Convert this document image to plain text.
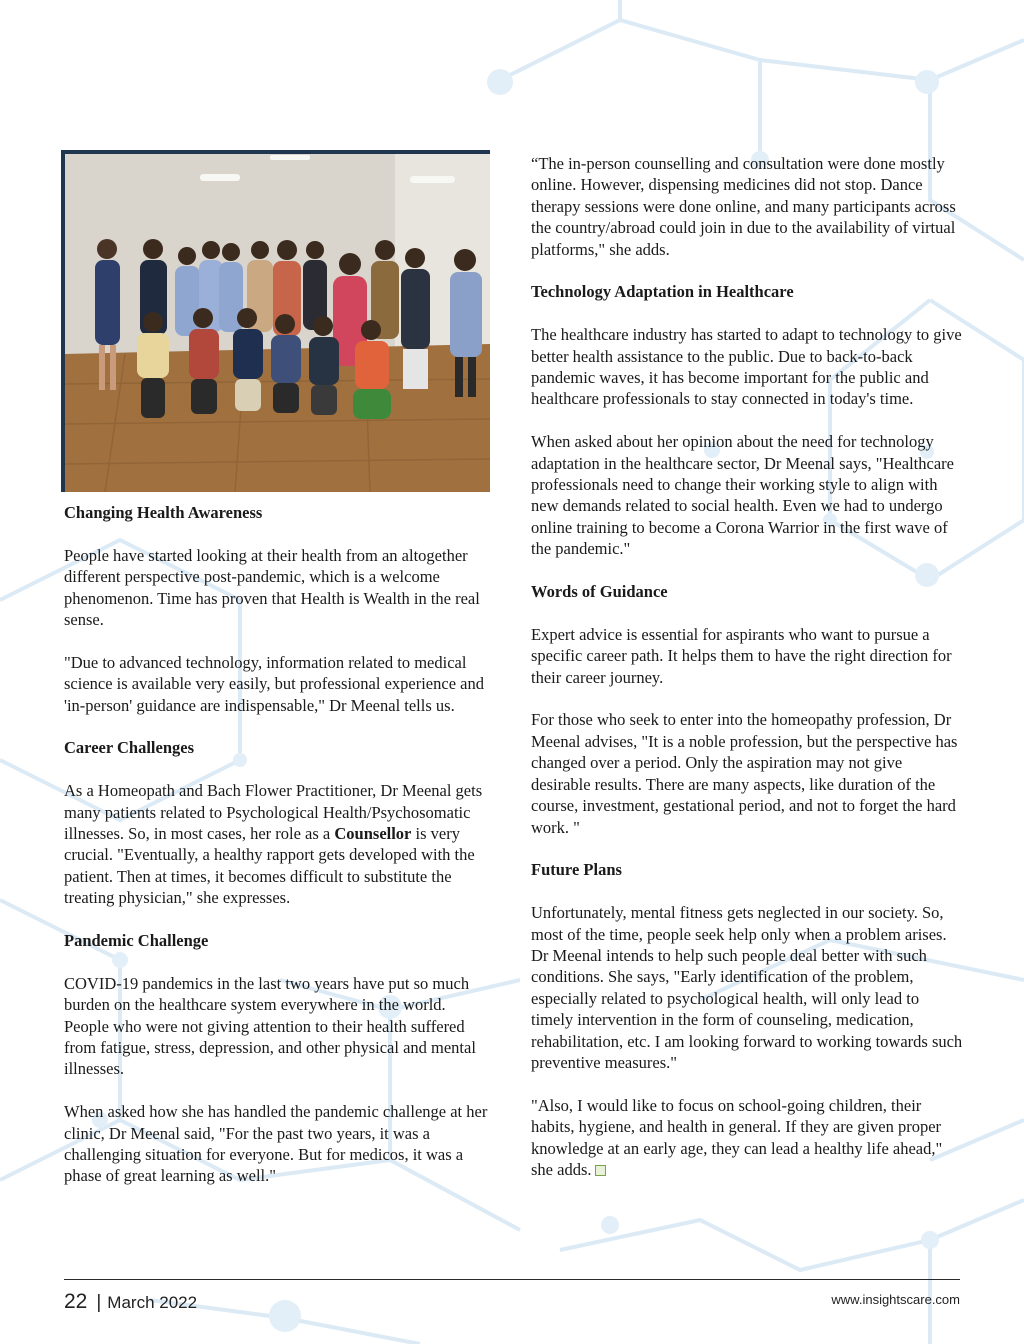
Changing Health Awareness

People have started looking at their health from an altogether different perspective post-pandemic, which is a welcome phenomenon. Time has proven that Health is Wealth in the real sense.

"Due to advanced technology, information related to medical science is available very easily, but professional experience and 'in-person' guidance are indispensable," Dr Meenal tells us.

Career Challenges

As a Homeopath and Bach Flower Practitioner, Dr Meenal gets many patients related to Psychological Health/Psychosomatic illnesses. So, in most cases, her role as a Counsellor is very crucial. "Eventually, a healthy rapport gets developed with the patient. Then at times, it becomes difficult to substitute the treating physician," she expresses.

Pandemic Challenge

COVID-19 pandemics in the last two years have put so much burden on the healthcare system everywhere in the world. People who were not giving attention to their health suffered from fatigue, stress, depression, and other physical and mental illnesses.

When asked how she has handled the pandemic challenge at her clinic, Dr Meenal said, "For the past two years, it was a challenging situation for everyone. But for medicos, it was a phase of great learning as well."

“The in-person counselling and consultation were done mostly online. However, dispensing medicines did not stop. Dance therapy sessions were done online, and many participants across the country/abroad could join in due to the availability of virtual platforms," she adds.

Technology Adaptation in Healthcare

The healthcare industry has started to adapt to technology to give better health assistance to the public. Due to back-to-back pandemic waves, it has become important for the public and healthcare professionals to stay connected in today's time.

When asked about her opinion about the need for technology adaptation in the healthcare sector, Dr Meenal says, "Healthcare professionals need to change their working style to align with new demands related to social health. Even we had to undergo online training to become a Corona Warrior in the first wave of the pandemic."

Words of Guidance

Expert advice is essential for aspirants who want to pursue a specific career path. It helps them to have the right direction for their career journey.

For those who seek to enter into the homeopathy profession, Dr Meenal advises, "It is a noble profession, but the perspective has changed over a period. Only the aspiration may not give desirable results. There are many aspects, like duration of the course, investment, gestational period, and not to forget the hard work. "

Future Plans

Unfortunately, mental fitness gets neglected in our society. So, most of the time, people seek help only when a problem arises. Dr Meenal intends to help such people deal better with such conditions. She says, "Early identification of the problem, especially related to psychological health, will only lead to timely intervention in the form of counseling, medication, rehabilitation, etc. I am looking forward to working towards such preventive measures."

"Also, I would like to focus on school-going children, their habits, hygiene, and health in general. If they are given proper knowledge at an early age, they can lead a healthy life ahead," she adds.

22 | March 2022	www.insightscare.com
